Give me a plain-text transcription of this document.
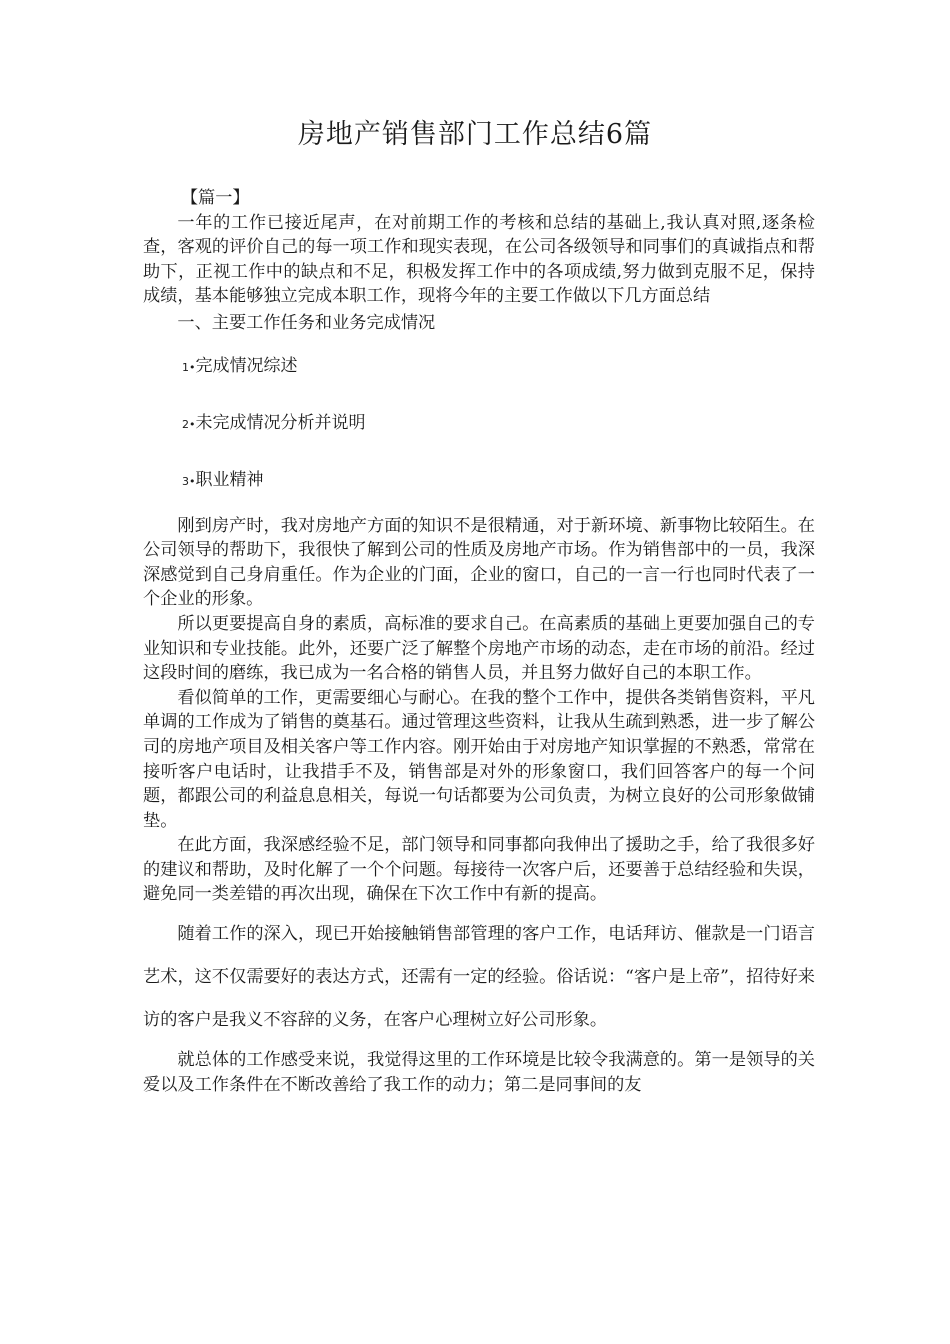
房地产销售部门工作总结6篇

【篇一】

一年的工作已接近尾声，在对前期工作的考核和总结的基础上,我认真对照,逐条检查，客观的评价自己的每一项工作和现实表现，在公司各级领导和同事们的真诚指点和帮助下，正视工作中的缺点和不足，积极发挥工作中的各项成绩,努力做到克服不足，保持成绩，基本能够独立完成本职工作，现将今年的主要工作做以下几方面总结

一、主要工作任务和业务完成情况

1•完成情况综述

2•未完成情况分析并说明

3•职业精神

刚到房产时，我对房地产方面的知识不是很精通，对于新环境、新事物比较陌生。在公司领导的帮助下，我很快了解到公司的性质及房地产市场。作为销售部中的一员，我深深感觉到自己身肩重任。作为企业的门面，企业的窗口，自己的一言一行也同时代表了一个企业的形象。

所以更要提高自身的素质，高标准的要求自己。在高素质的基础上更要加强自己的专业知识和专业技能。此外，还要广泛了解整个房地产市场的动态，走在市场的前沿。经过这段时间的磨练，我已成为一名合格的销售人员，并且努力做好自己的本职工作。

看似简单的工作，更需要细心与耐心。在我的整个工作中，提供各类销售资料，平凡单调的工作成为了销售的奠基石。通过管理这些资料，让我从生疏到熟悉，进一步了解公司的房地产项目及相关客户等工作内容。刚开始由于对房地产知识掌握的不熟悉，常常在接听客户电话时，让我措手不及，销售部是对外的形象窗口，我们回答客户的每一个问题，都跟公司的利益息息相关，每说一句话都要为公司负责，为树立良好的公司形象做铺垫。

在此方面，我深感经验不足，部门领导和同事都向我伸出了援助之手，给了我很多好的建议和帮助，及时化解了一个个问题。每接待一次客户后，还要善于总结经验和失误，避免同一类差错的再次出现，确保在下次工作中有新的提高。

随着工作的深入，现已开始接触销售部管理的客户工作，电话拜访、催款是一门语言艺术，这不仅需要好的表达方式，还需有一定的经验。俗话说：“客户是上帝”，招待好来访的客户是我义不容辞的义务，在客户心理树立好公司形象。

就总体的工作感受来说，我觉得这里的工作环境是比较令我满意的。第一是领导的关爱以及工作条件在不断改善给了我工作的动力；第二是同事间的友
